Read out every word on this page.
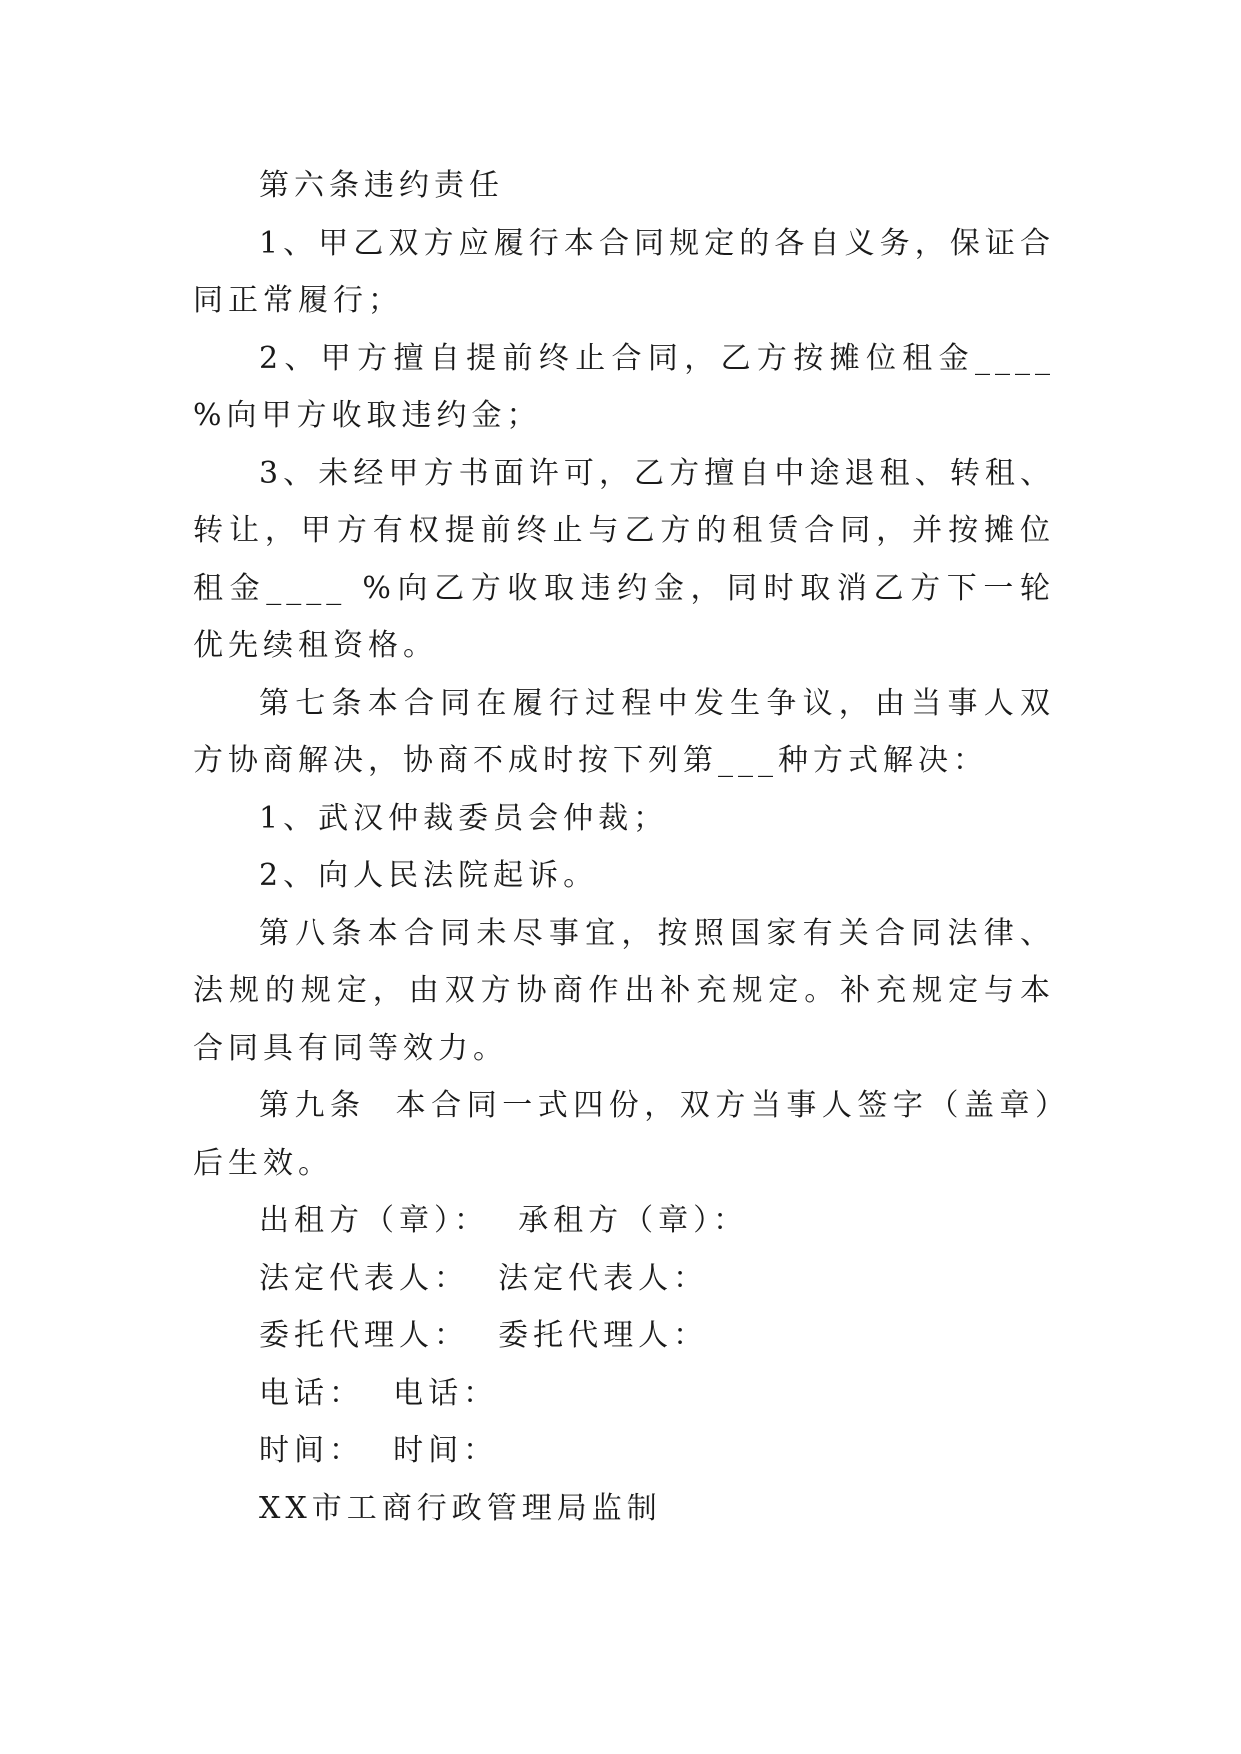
第六条违约责任

1、甲乙双方应履行本合同规定的各自义务，保证合同正常履行；

2、甲方擅自提前终止合同，乙方按摊位租金____ %向甲方收取违约金；

3、未经甲方书面许可，乙方擅自中途退租、转租、转让，甲方有权提前终止与乙方的租赁合同，并按摊位租金____ %向乙方收取违约金，同时取消乙方下一轮优先续租资格。

第七条本合同在履行过程中发生争议，由当事人双方协商解决，协商不成时按下列第___种方式解决：

1、武汉仲裁委员会仲裁；

2、向人民法院起诉。

第八条本合同未尽事宜，按照国家有关合同法律、法规的规定，由双方协商作出补充规定。补充规定与本合同具有同等效力。

第九条  本合同一式四份，双方当事人签字（盖章）后生效。

出租方（章）：  承租方（章）：

法定代表人：  法定代表人：

委托代理人：  委托代理人：

电话：  电话：

时间：  时间：

XX市工商行政管理局监制
